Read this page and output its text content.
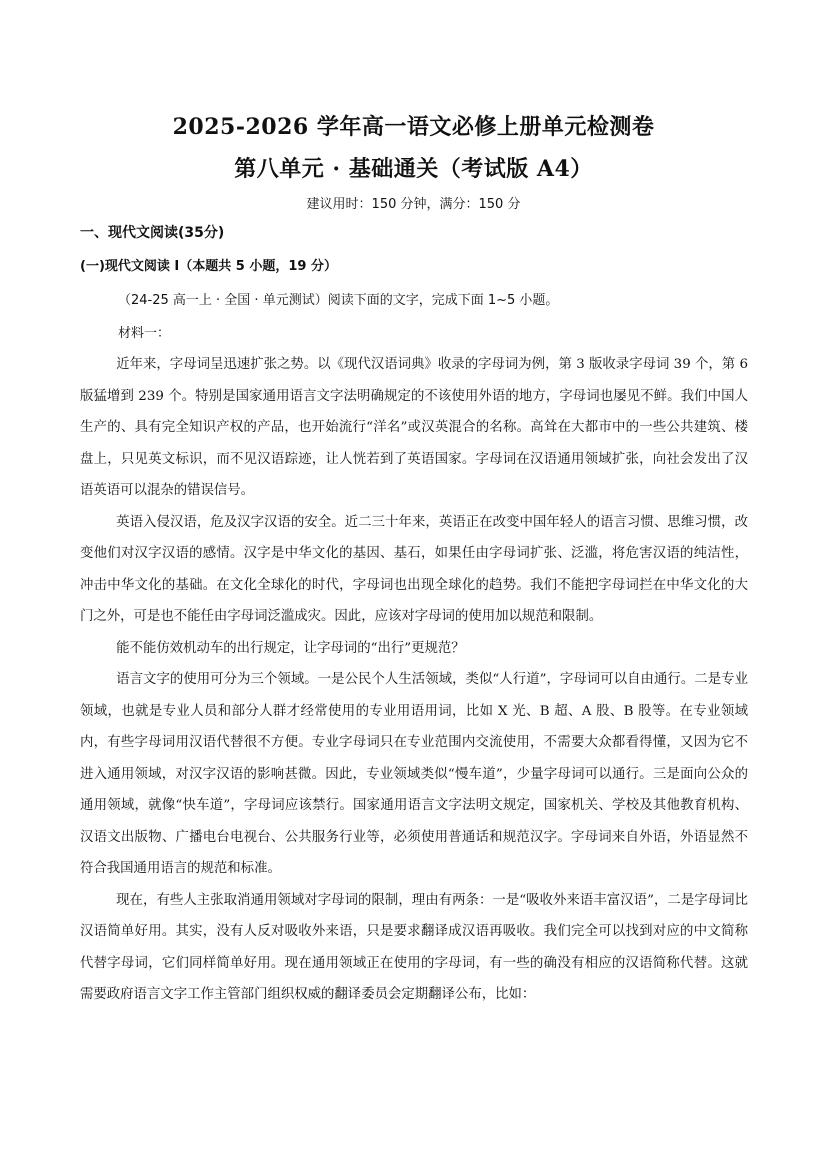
2025-2026 学年高一语文必修上册单元检测卷
第八单元 · 基础通关（考试版 A4）
建议用时：150 分钟，满分：150 分
一、现代文阅读(35分)
(一)现代文阅读 I（本题共 5 小题，19 分）
（24-25 高一上 · 全国 · 单元测试）阅读下面的文字，完成下面 1~5 小题。
材料一：

近年来，字母词呈迅速扩张之势。以《现代汉语词典》收录的字母词为例，第 3 版收录字母词 39 个，第 6 版猛增到 239 个。特别是国家通用语言文字法明确规定的不该使用外语的地方，字母词也屡见不鲜。我们中国人生产的、具有完全知识产权的产品，也开始流行“洋名”或汉英混合的名称。高耸在大都市中的一些公共建筑、楼盘上，只见英文标识，而不见汉语踪迹，让人恍若到了英语国家。字母词在汉语通用领域扩张，向社会发出了汉语英语可以混杂的错误信号。

英语入侵汉语，危及汉字汉语的安全。近二三十年来，英语正在改变中国年轻人的语言习惯、思维习惯，改变他们对汉字汉语的感情。汉字是中华文化的基因、基石，如果任由字母词扩张、泛滥，将危害汉语的纯洁性，冲击中华文化的基础。在文化全球化的时代，字母词也出现全球化的趋势。我们不能把字母词拦在中华文化的大门之外，可是也不能任由字母词泛滥成灾。因此，应该对字母词的使用加以规范和限制。

能不能仿效机动车的出行规定，让字母词的“出行”更规范？

语言文字的使用可分为三个领域。一是公民个人生活领域，类似“人行道”，字母词可以自由通行。二是专业领域，也就是专业人员和部分人群才经常使用的专业用语用词，比如 X 光、B 超、A 股、B 股等。在专业领域内，有些字母词用汉语代替很不方便。专业字母词只在专业范围内交流使用，不需要大众都看得懂，又因为它不进入通用领域，对汉字汉语的影响甚微。因此，专业领域类似“慢车道”，少量字母词可以通行。三是面向公众的通用领域，就像“快车道”，字母词应该禁行。国家通用语言文字法明文规定，国家机关、学校及其他教育机构、汉语文出版物、广播电台电视台、公共服务行业等，必须使用普通话和规范汉字。字母词来自外语，外语显然不符合我国通用语言的规范和标准。

现在，有些人主张取消通用领域对字母词的限制，理由有两条：一是“吸收外来语丰富汉语”，二是字母词比汉语简单好用。其实，没有人反对吸收外来语，只是要求翻译成汉语再吸收。我们完全可以找到对应的中文简称代替字母词，它们同样简单好用。现在通用领域正在使用的字母词，有一些的确没有相应的汉语简称代替。这就需要政府语言文字工作主管部门组织权威的翻译委员会定期翻译公布，比如：
